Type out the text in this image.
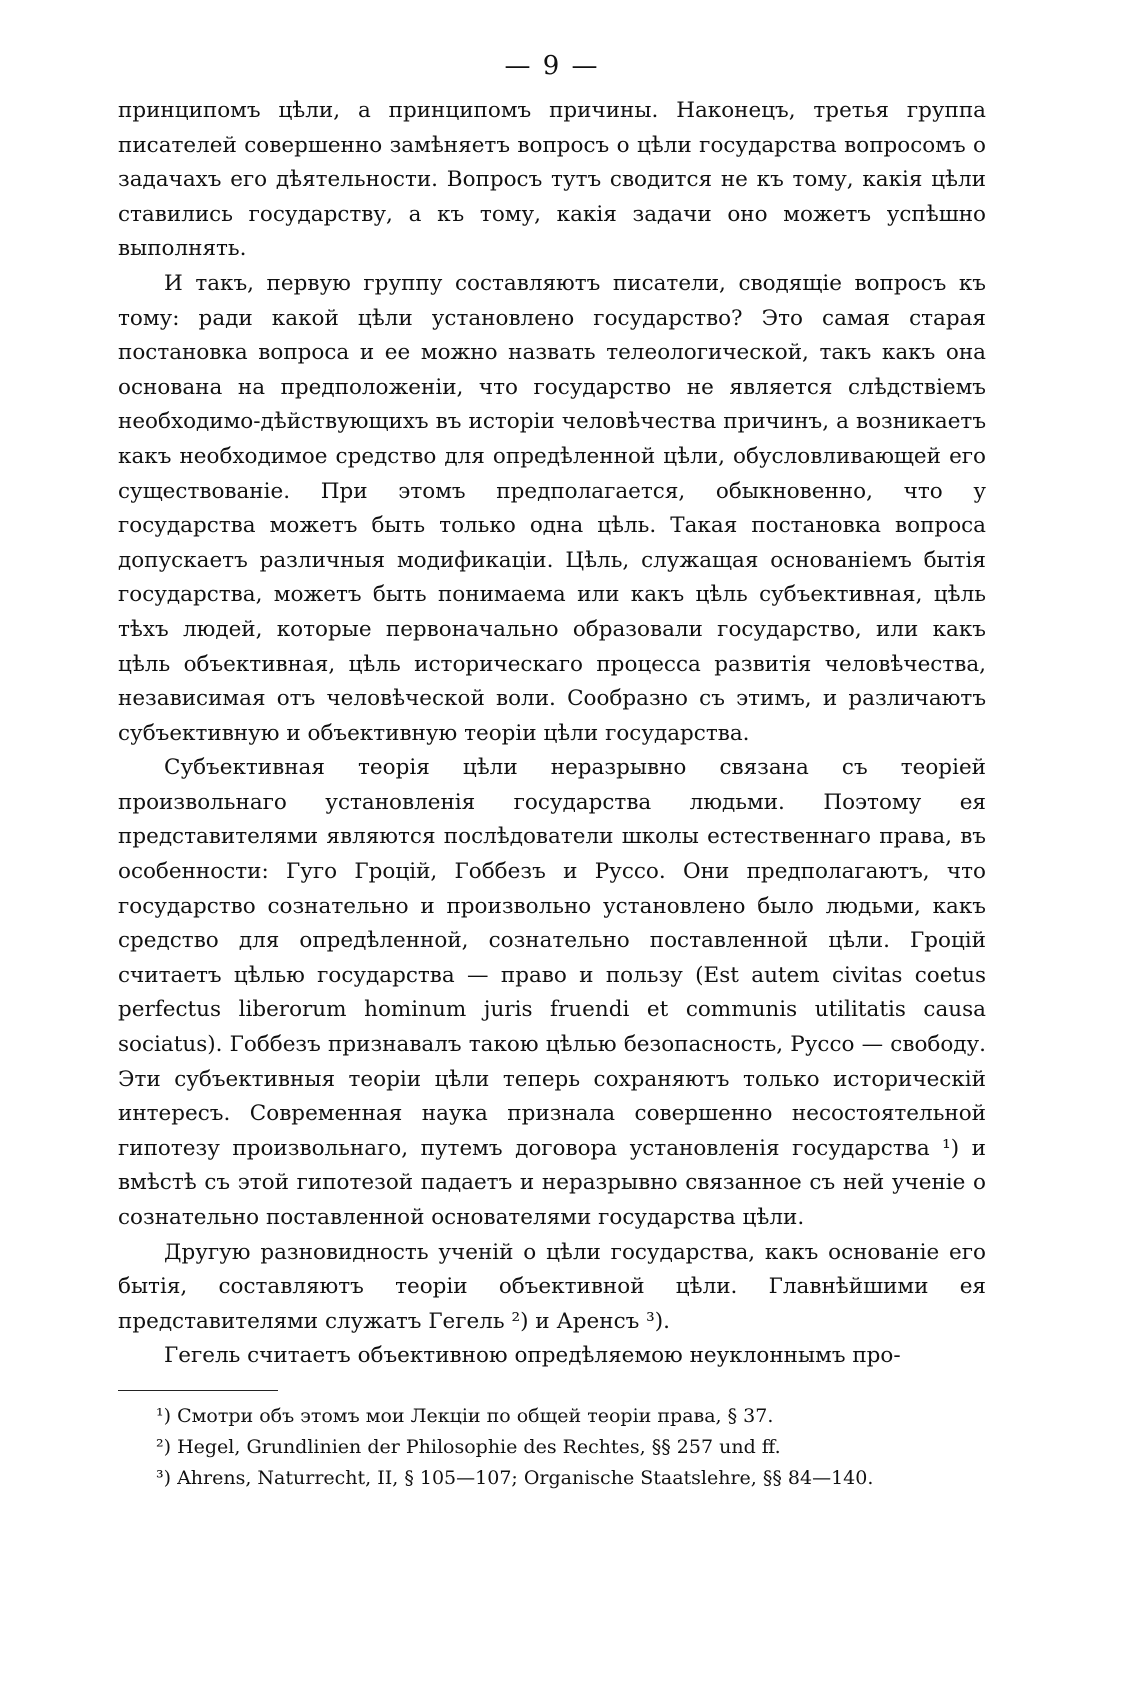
— 9 —

принципомъ цѣли, а принципомъ причины. Наконецъ, третья группа писателей совершенно замѣняетъ вопросъ о цѣли государства вопросомъ о задачахъ его дѣятельности. Вопросъ тутъ сводится не къ тому, какія цѣли ставились государству, а къ тому, какія задачи оно можетъ успѣшно выполнять.

И такъ, первую группу составляютъ писатели, сводящіе вопросъ къ тому: ради какой цѣли установлено государство? Это самая старая постановка вопроса и ее можно назвать телеологической, такъ какъ она основана на предположеніи, что государство не является слѣдствіемъ необходимо-дѣйствующихъ въ исторіи человѣчества причинъ, а возникаетъ какъ необходимое средство для опредѣленной цѣли, обусловливающей его существованіе. При этомъ предполагается, обыкновенно, что у государства можетъ быть только одна цѣль. Такая постановка вопроса допускаетъ различныя модификаціи. Цѣль, служащая основаніемъ бытія государства, можетъ быть понимаема или какъ цѣль субъективная, цѣль тѣхъ людей, которые первоначально образовали государство, или какъ цѣль объективная, цѣль историческаго процесса развитія человѣчества, независимая отъ человѣческой воли. Сообразно съ этимъ, и различаютъ субъективную и объективную теоріи цѣли государства.

Субъективная теорія цѣли неразрывно связана съ теоріей произвольнаго установленія государства людьми. Поэтому ея представителями являются послѣдователи школы естественнаго права, въ особенности: Гуго Гроцій, Гоббезъ и Руссо. Они предполагаютъ, что государство сознательно и произвольно установлено было людьми, какъ средство для опредѣленной, сознательно поставленной цѣли. Гроцій считаетъ цѣлью государства — право и пользу (Est autem civitas coetus perfectus liberorum hominum juris fruendi et communis utilitatis causa sociatus). Гоббезъ признавалъ такою цѣлью безопасность, Руссо — свободу. Эти субъективныя теоріи цѣли теперь сохраняютъ только историческій интересъ. Современная наука признала совершенно несостоятельной гипотезу произвольнаго, путемъ договора установленія государства ¹) и вмѣстѣ съ этой гипотезой падаетъ и неразрывно связанное съ ней ученіе о сознательно поставленной основателями государства цѣли.

Другую разновидность ученій о цѣли государства, какъ основаніе его бытія, составляютъ теоріи объективной цѣли. Главнѣйшими ея представителями служатъ Гегель ²) и Аренсъ ³).

Гегель считаетъ объективною опредѣляемою неуклоннымъ про-

¹) Смотри объ этомъ мои Лекціи по общей теоріи права, § 37.
²) Hegel, Grundlinien der Philosophie des Rechtes, §§ 257 und ff.
³) Ahrens, Naturrecht, II, § 105—107; Organische Staatslehre, §§ 84—140.
